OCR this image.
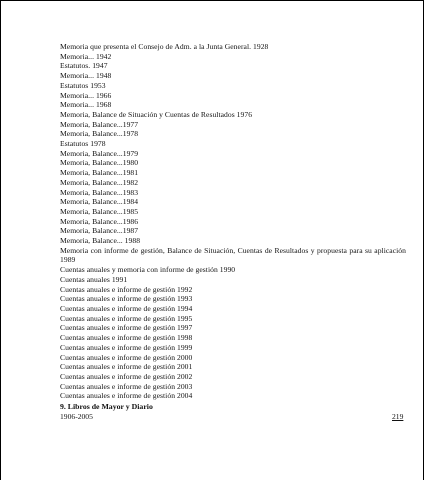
Memoria que presenta el Consejo de Adm. a la Junta General. 1928
Memoria... 1942
Estatutos. 1947
Memoria... 1948
Estatutos 1953
Memoria... 1966
Memoria... 1968
Memoria, Balance de Situación y Cuentas de Resultados 1976
Memoria, Balance...1977
Memoria, Balance...1978
Estatutos 1978
Memoria, Balance...1979
Memoria, Balance...1980
Memoria, Balance...1981
Memoria, Balance...1982
Memoria, Balance...1983
Memoria, Balance...1984
Memoria, Balance...1985
Memoria, Balance...1986
Memoria, Balance...1987
Memoria, Balance... 1988
Memoria con informe de gestión, Balance de Situación, Cuentas de Resultados y propuesta para su aplicación 1989
Cuentas anuales y memoria con informe de gestión 1990
Cuentas anuales 1991
Cuentas anuales e informe de gestión 1992
Cuentas anuales e informe de gestión 1993
Cuentas anuales e informe de gestión 1994
Cuentas anuales e informe de gestión 1995
Cuentas anuales e informe de gestión 1997
Cuentas anuales e informe de gestión 1998
Cuentas anuales e informe de gestión 1999
Cuentas anuales e informe de gestión 2000
Cuentas anuales e informe de gestión 2001
Cuentas anuales e informe de gestión 2002
Cuentas anuales e informe de gestión 2003
Cuentas anuales e informe de gestión 2004
9. Libros de Mayor y Diario
1906-2005	219
